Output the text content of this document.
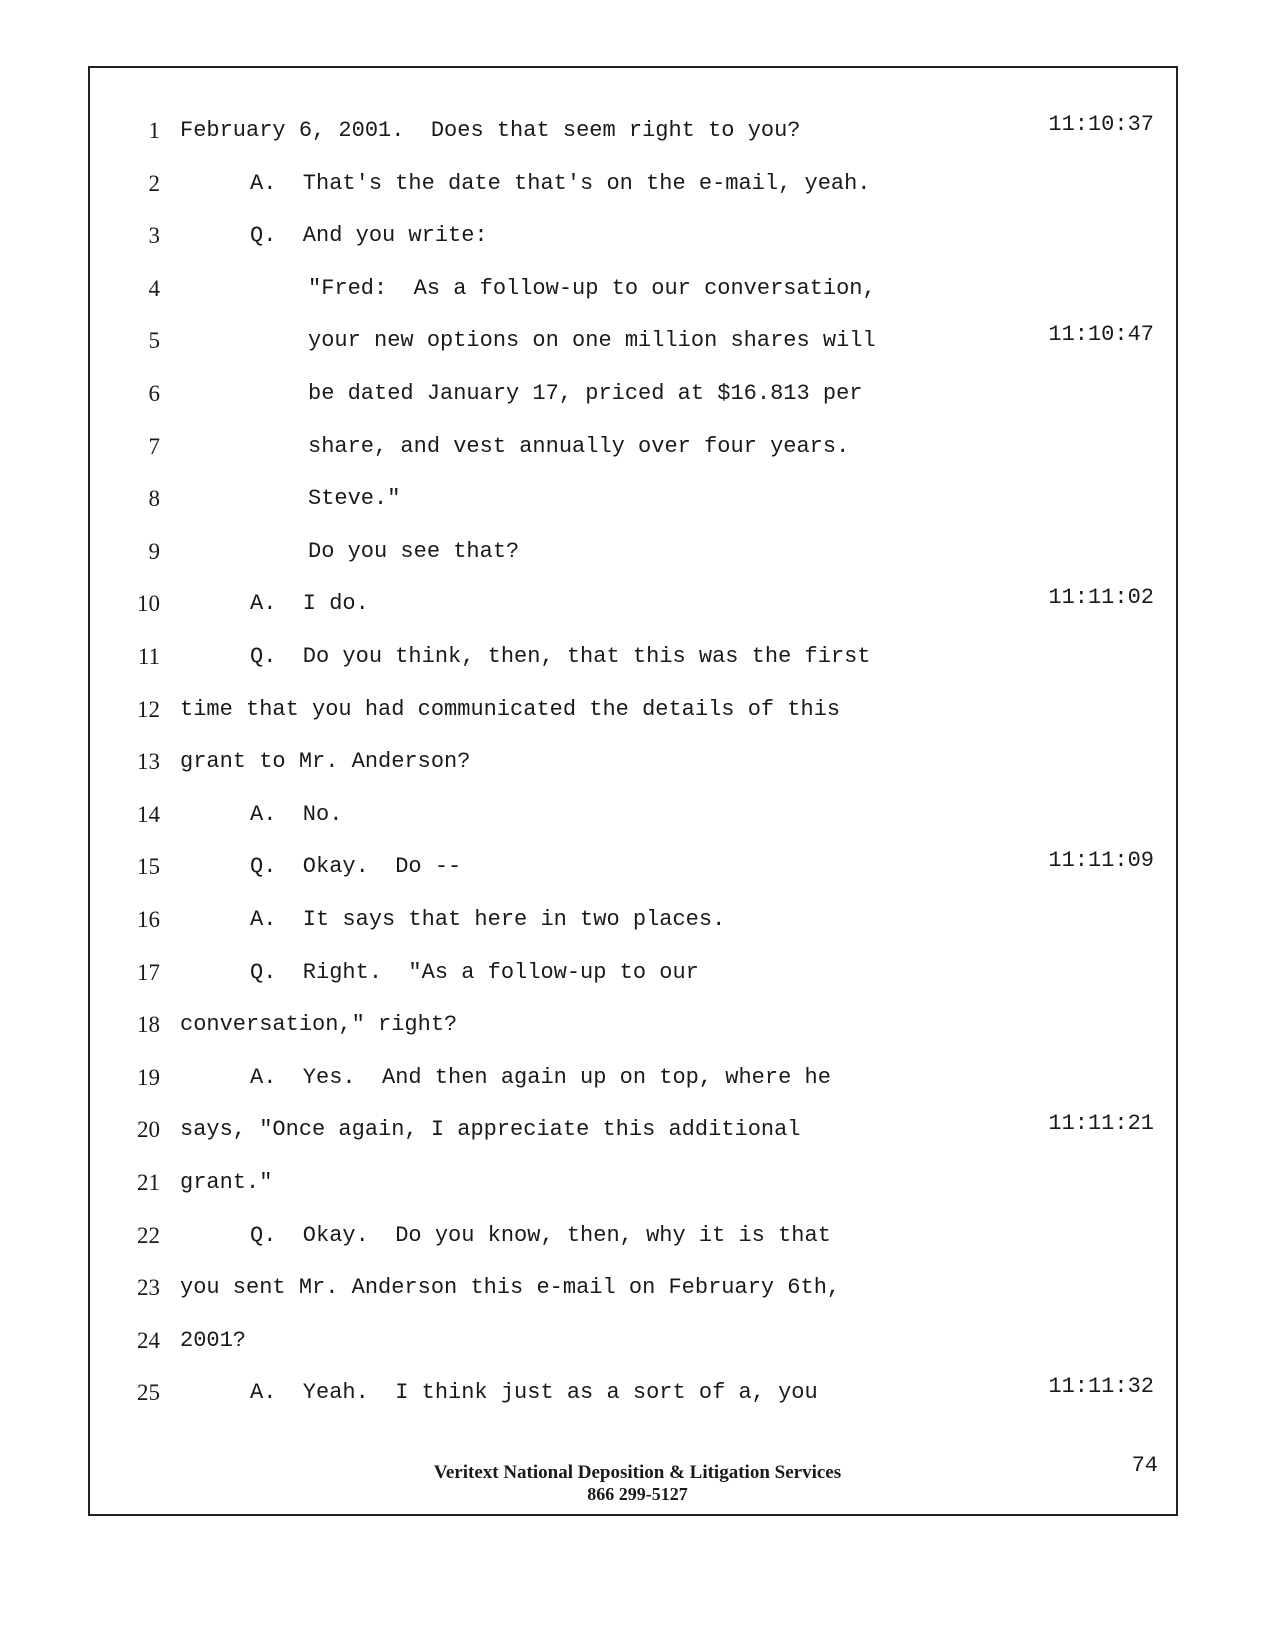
74
1 February 6, 2001.  Does that seem right to you?	11:10:37
2	A.  That's the date that's on the e-mail, yeah.
3	Q.  And you write:
4	"Fred:  As a follow-up to our conversation,
5	your new options on one million shares will	11:10:47
6	be dated January 17, priced at $16.813 per
7	share, and vest annually over four years.
8	Steve."
9	Do you see that?
10	A.  I do.	11:11:02
11	Q.  Do you think, then, that this was the first
12 time that you had communicated the details of this
13 grant to Mr. Anderson?
14	A.  No.
15	Q.  Okay.  Do --	11:11:09
16	A.  It says that here in two places.
17	Q.  Right.  "As a follow-up to our
18 conversation," right?
19	A.  Yes.  And then again up on top, where he
20 says, "Once again, I appreciate this additional	11:11:21
21 grant."
22	Q.  Okay.  Do you know, then, why it is that
23 you sent Mr. Anderson this e-mail on February 6th,
24 2001?
25	A.  Yeah.  I think just as a sort of a, you	11:11:32
Veritext National Deposition & Litigation Services
866 299-5127
